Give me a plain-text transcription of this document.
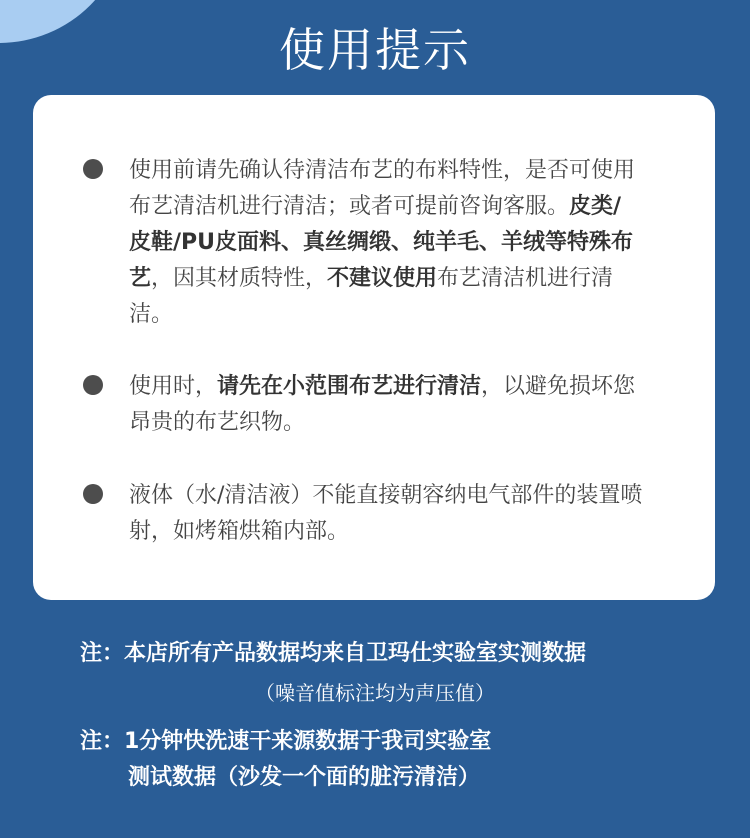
使用提示
使用前请先确认待清洁布艺的布料特性，是否可使用布艺清洁机进行清洁；或者可提前咨询客服。皮类/皮鞋/PU皮面料、真丝绸缎、纯羊毛、羊绒等特殊布艺，因其材质特性，不建议使用布艺清洁机进行清洁。
使用时，请先在小范围布艺进行清洁，以避免损坏您昂贵的布艺织物。
液体（水/清洁液）不能直接朝容纳电气部件的装置喷射，如烤箱烘箱内部。
注：本店所有产品数据均来自卫玛仕实验室实测数据
（噪音值标注均为声压值）
注：1分钟快洗速干来源数据于我司实验室
测试数据（沙发一个面的脏污清洁）
